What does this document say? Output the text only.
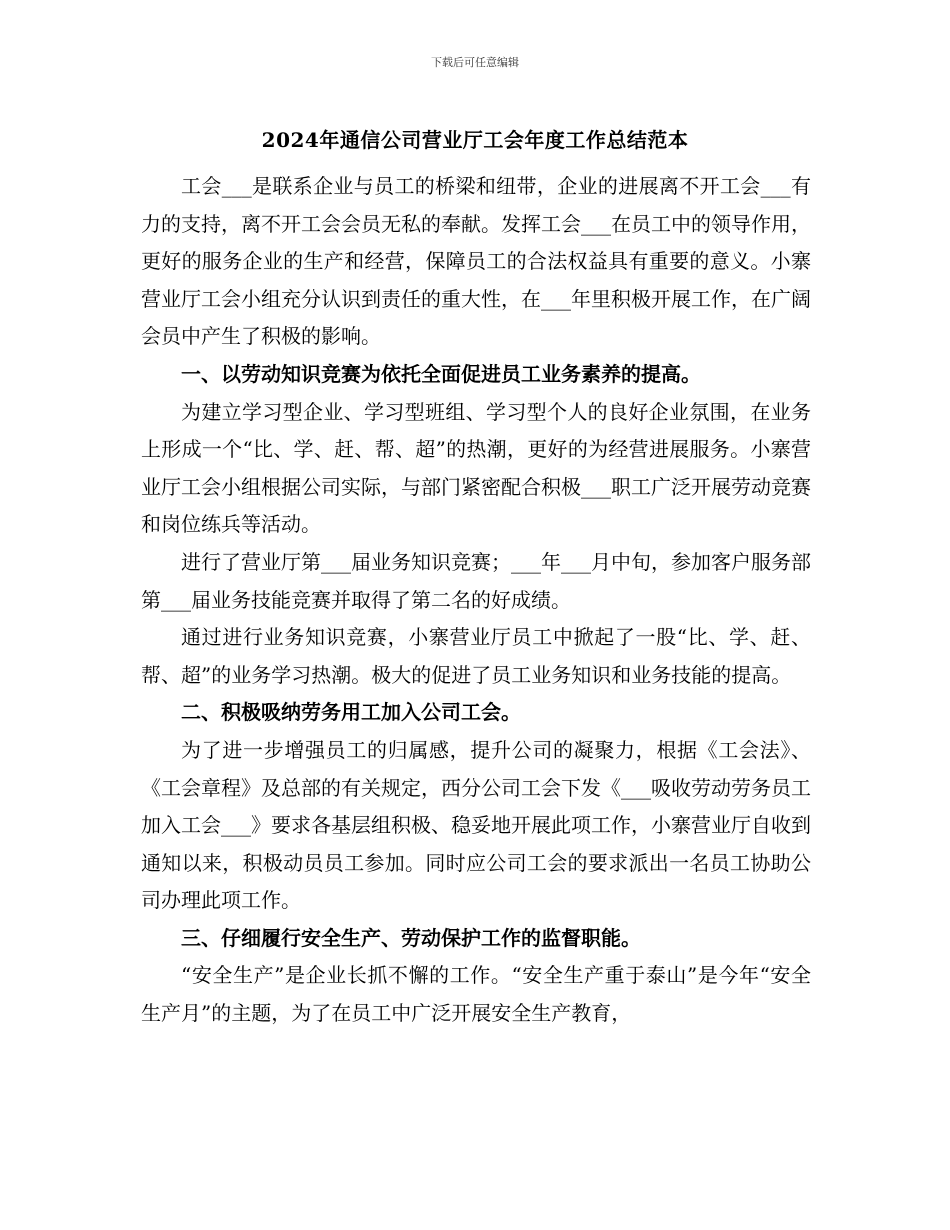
下载后可任意编辑
2024年通信公司营业厅工会年度工作总结范本

工会___是联系企业与员工的桥梁和纽带，企业的进展离不开工会___有力的支持，离不开工会会员无私的奉献。发挥工会___在员工中的领导作用，更好的服务企业的生产和经营，保障员工的合法权益具有重要的意义。小寨营业厅工会小组充分认识到责任的重大性，在___年里积极开展工作，在广阔会员中产生了积极的影响。

一、以劳动知识竞赛为依托全面促进员工业务素养的提高。

为建立学习型企业、学习型班组、学习型个人的良好企业氛围，在业务上形成一个“比、学、赶、帮、超”的热潮，更好的为经营进展服务。小寨营业厅工会小组根据公司实际，与部门紧密配合积极___职工广泛开展劳动竞赛和岗位练兵等活动。

进行了营业厅第___届业务知识竞赛；___年___月中旬，参加客户服务部第___届业务技能竞赛并取得了第二名的好成绩。

通过进行业务知识竞赛，小寨营业厅员工中掀起了一股“比、学、赶、帮、超”的业务学习热潮。极大的促进了员工业务知识和业务技能的提高。

二、积极吸纳劳务用工加入公司工会。

为了进一步增强员工的归属感，提升公司的凝聚力，根据《工会法》、《工会章程》及总部的有关规定，西分公司工会下发《___吸收劳动劳务员工加入工会___》要求各基层组积极、稳妥地开展此项工作，小寨营业厅自收到通知以来，积极动员员工参加。同时应公司工会的要求派出一名员工协助公司办理此项工作。

三、仔细履行安全生产、劳动保护工作的监督职能。

“安全生产”是企业长抓不懈的工作。“安全生产重于泰山”是今年“安全生产月”的主题，为了在员工中广泛开展安全生产教育，
